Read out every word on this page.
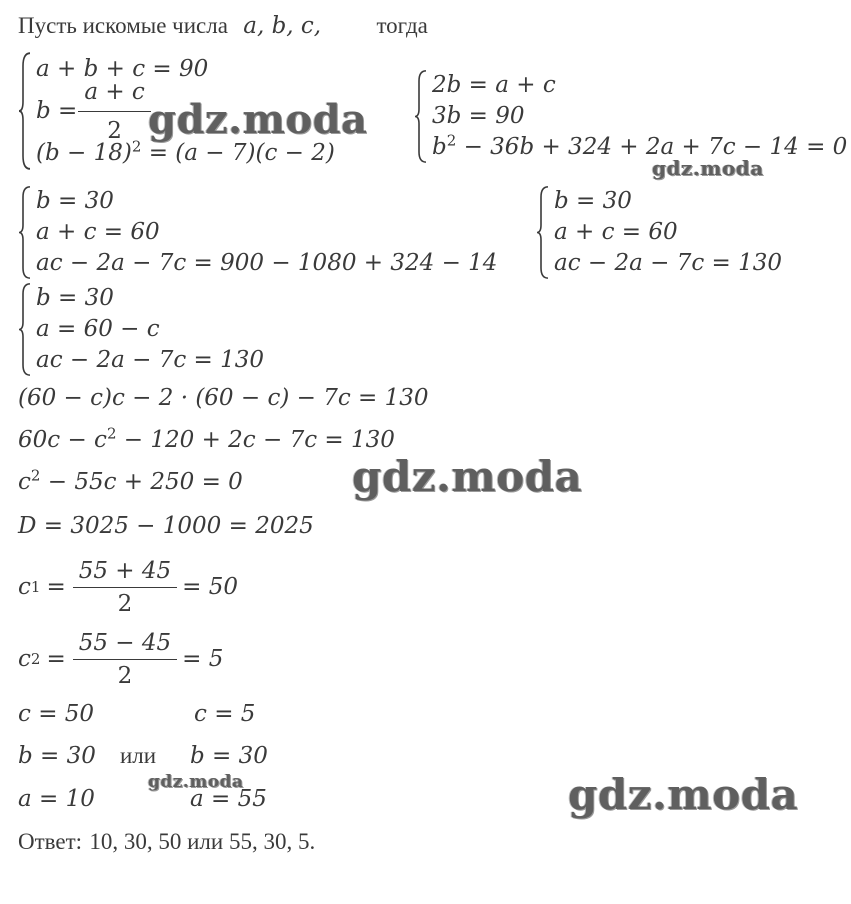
Пусть искомые числа a, b, c, тогда
a + b + c = 90
$b = \frac{a + c}{2}$
$(b - 18)^2 = (a - 7)(c - 2)$
2b = a + c
3b = 90
$b^2 - 36b + 324 + 2a + 7c - 14 = 0$
b = 30
a + c = 60
ac − 2a − 7c = 900 − 1080 + 324 − 14
b = 30
a + c = 60
ac − 2a − 7c = 130
b = 30
a = 60 − c
ac − 2a − 7c = 130
(60 − c)c − 2 · (60 − c) − 7c = 130
$60c - c^2 - 120 + 2c - 7c = 130$
$c^2 - 55c + 250 = 0$
D = 3025 − 1000 = 2025
c $1 = \frac{55 + 45}{2} = 50$
c $2 = \frac{55 - 45}{2} = 5$
c = 50	c = 5
b = 30 или b = 30
a = 10	a = 55
Ответ: 10, 30, 50 или 55, 30, 5.
gdz.moda
gdz.moda
gdz.moda
gdz.moda	gdz.moda
